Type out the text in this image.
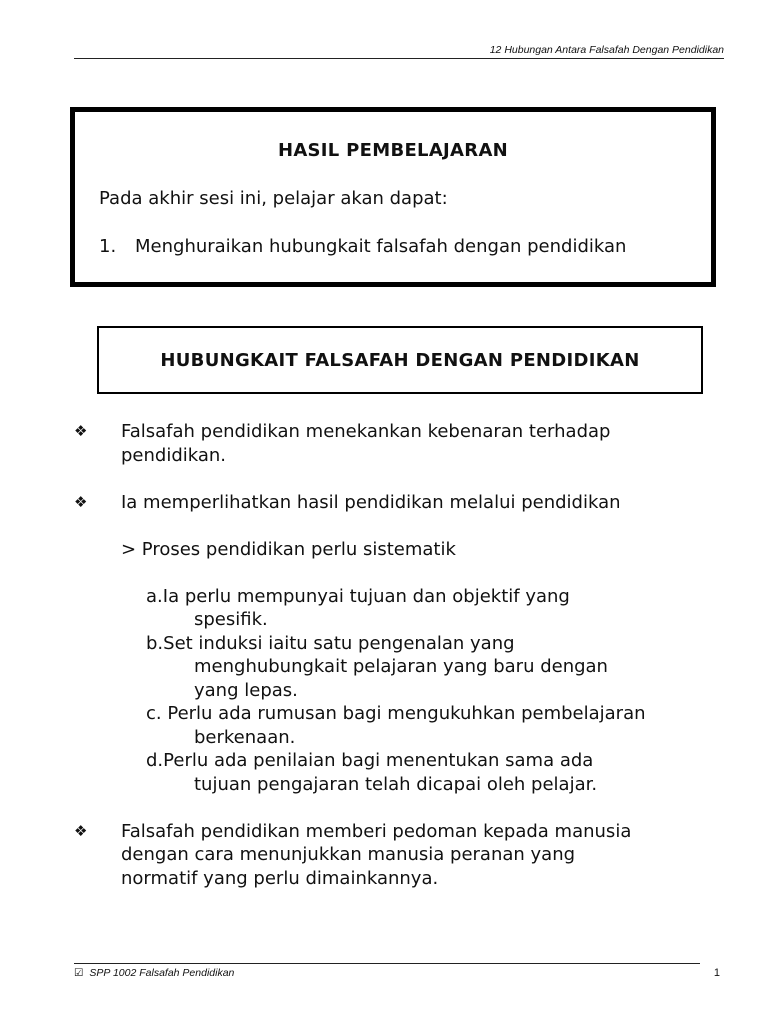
12 Hubungan Antara Falsafah Dengan Pendidikan
HASIL PEMBELAJARAN
Pada akhir sesi ini, pelajar akan dapat:
1. Menghuraikan hubungkait falsafah dengan pendidikan
HUBUNGKAIT FALSAFAH DENGAN PENDIDIKAN
❖ Falsafah pendidikan menekankan kebenaran terhadap
pendidikan.
❖ Ia memperlihatkan hasil pendidikan melalui pendidikan
> Proses pendidikan perlu sistematik
a.Ia perlu mempunyai tujuan dan objektif yang
spesifik.
b.Set induksi iaitu satu pengenalan yang
menghubungkait pelajaran yang baru dengan
yang lepas.
c. Perlu ada rumusan bagi mengukuhkan pembelajaran
berkenaan.
d.Perlu ada penilaian bagi menentukan sama ada
tujuan pengajaran telah dicapai oleh pelajar.
❖ Falsafah pendidikan memberi pedoman kepada manusia
dengan cara menunjukkan manusia peranan yang
normatif yang perlu dimainkannya.
☑ SPP 1002 Falsafah Pendidikan	1
